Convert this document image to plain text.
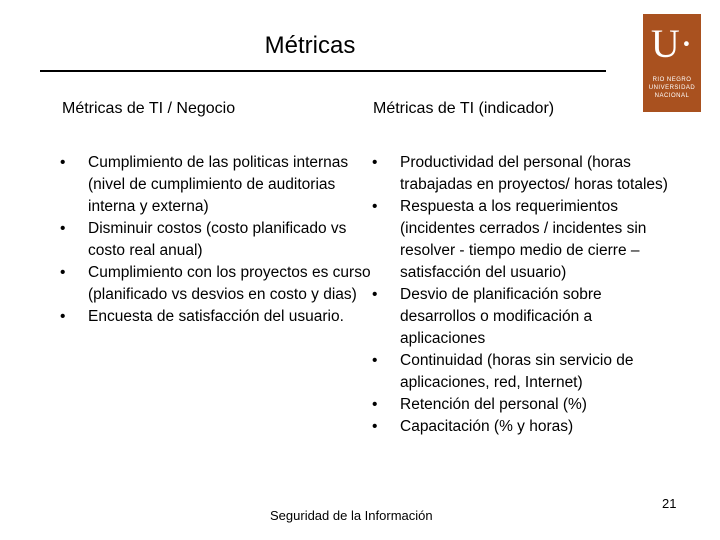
Métricas	U·
RIO NEGRO
UNIVERSIDAD
NACIONAL
Métricas de TI / Negocio	Métricas de TI (indicador)
• Cumplimiento de las politicas internas (nivel de cumplimiento de auditorias interna y externa)
• Disminuir costos (costo planificado vs costo real anual)
• Cumplimiento con los proyectos es curso (planificado vs desvios en costo y dias)
• Encuesta de satisfacción del usuario.
• Productividad del personal (horas trabajadas en proyectos/ horas totales)
• Respuesta a los requerimientos (incidentes cerrados / incidentes sin resolver - tiempo medio de cierre – satisfacción del usuario)
• Desvio de planificación sobre desarrollos o modificación a aplicaciones
• Continuidad (horas sin servicio de aplicaciones, red, Internet)
• Retención del personal (%)
• Capacitación (% y horas)
Seguridad de la Información
21
